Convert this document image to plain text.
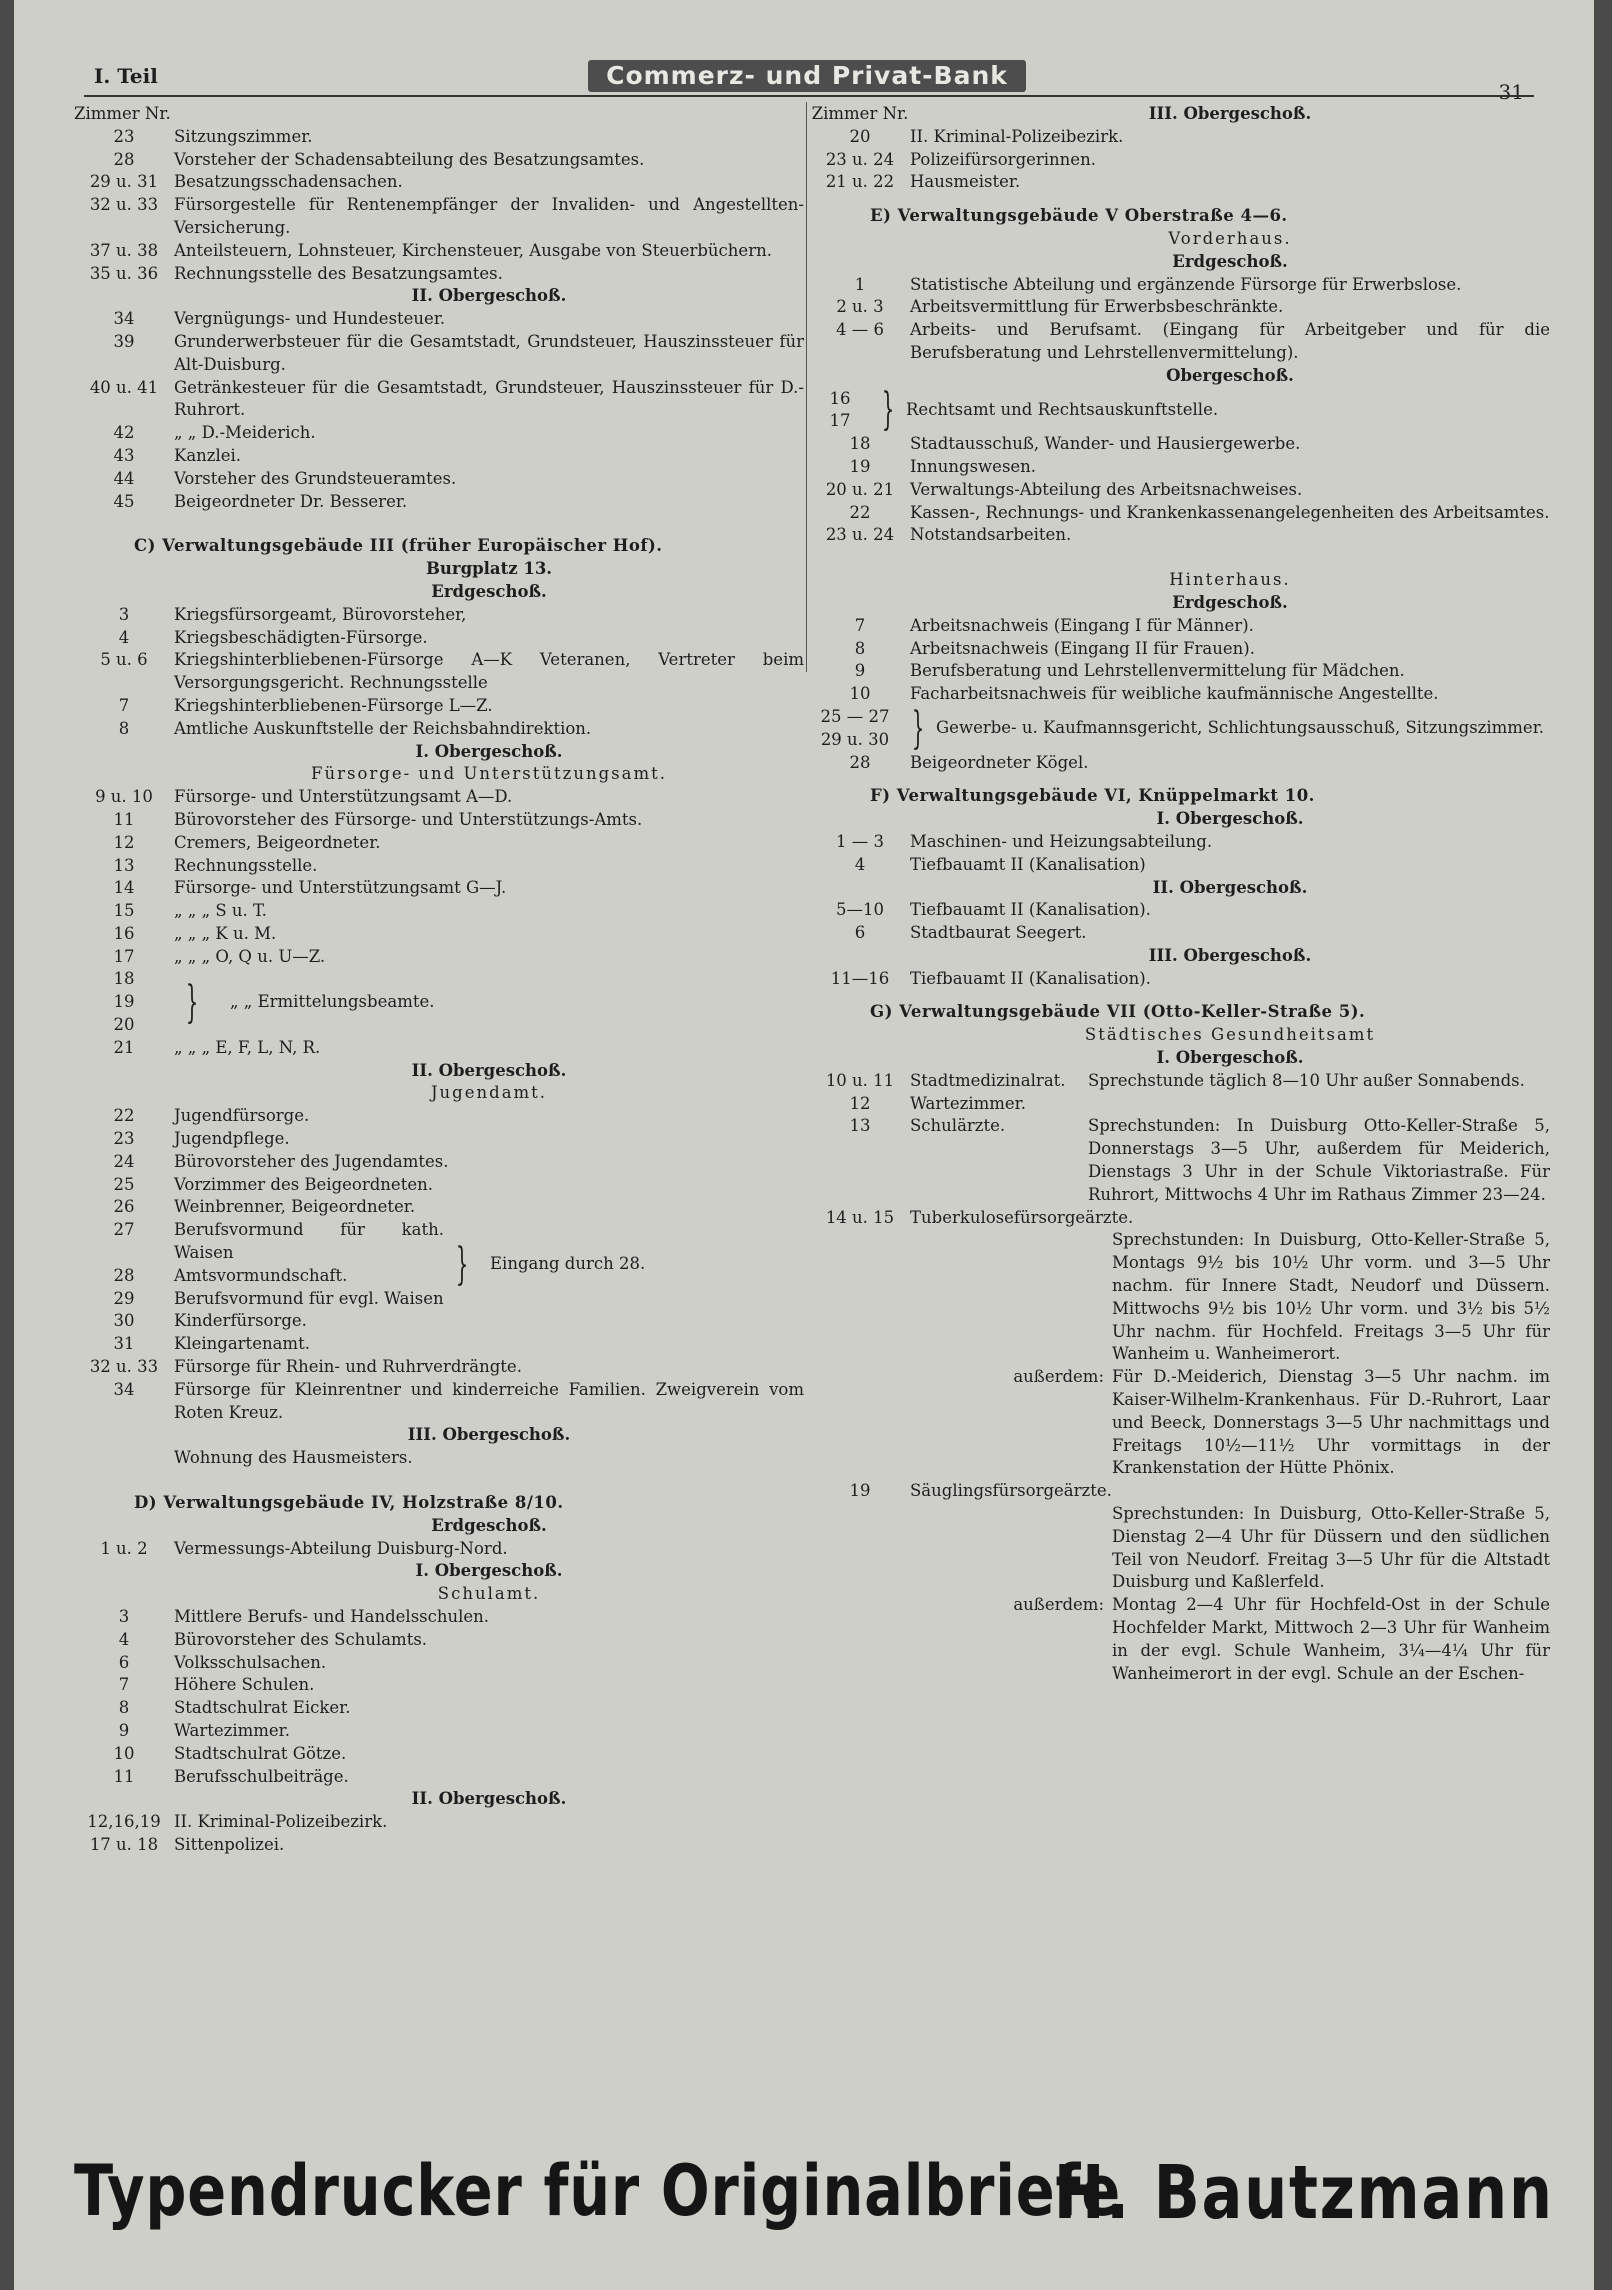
I. Teil	Commerz- und Privat-Bank
31
Zimmer Nr.
23	Sitzungszimmer.
28	Vorsteher der Schadensabteilung des Besatzungsamtes.
29 u. 31 Besatzungsschadensachen.
32 u. 33 Fürsorgestelle für Rentenempfänger der Invaliden- und Angestellten-Versicherung.
37 u. 38 Anteilsteuern, Lohnsteuer, Kirchensteuer, Ausgabe von Steuerbüchern.
35 u. 36 Rechnungsstelle des Besatzungsamtes.
II. Obergeschoß.
34	Vergnügungs- und Hundesteuer.
39	Grunderwerbsteuer für die Gesamtstadt, Grundsteuer, Hauszinssteuer für Alt-Duisburg.
40 u. 41 Getränkesteuer für die Gesamtstadt, Grundsteuer, Hauszinssteuer für D.-Ruhrort.
42	„ „ D.-Meiderich.
43	Kanzlei.
44	Vorsteher des Grundsteueramtes.
45	Beigeordneter Dr. Besserer.
C) Verwaltungsgebäude III (früher Europäischer Hof).
Burgplatz 13.
Erdgeschoß.
3	Kriegsfürsorgeamt, Bürovorsteher,
4	Kriegsbeschädigten-Fürsorge.
5 u. 6	Kriegshinterbliebenen-Fürsorge A—K Veteranen, Vertreter beim Versorgungsgericht. Rechnungsstelle
7	Kriegshinterbliebenen-Fürsorge L—Z.
8	Amtliche Auskunftstelle der Reichsbahndirektion.
I. Obergeschoß.
Fürsorge- und Unterstützungsamt.
9 u. 10	Fürsorge- und Unterstützungsamt A—D.
11	Bürovorsteher des Fürsorge- und Unterstützungs-Amts.
12	Cremers, Beigeordneter.
13	Rechnungsstelle.
14	Fürsorge- und Unterstützungsamt G—J.
15	„ „ „ S u. T.
16	„ „ „ K u. M.
17	„ „ „ O, Q u. U—Z.
18
19
20	}	„ „ Ermittelungsbeamte.
21	„ „ „ E, F, L, N, R.
II. Obergeschoß.
Jugendamt.
22	Jugendfürsorge.
23	Jugendpflege.
24	Bürovorsteher des Jugendamtes.
25	Vorzimmer des Beigeordneten.
26	Weinbrenner, Beigeordneter.
27	Berufsvormund für kath. Waisen
28	Amtsvormundschaft.
29	Berufsvormund für evgl. Waisen
}	Eingang durch 28.
30	Kinderfürsorge.
31	Kleingartenamt.
32 u. 33 Fürsorge für Rhein- und Ruhrverdrängte.
34	Fürsorge für Kleinrentner und kinderreiche Familien. Zweigverein vom Roten Kreuz.
III. Obergeschoß.
Wohnung des Hausmeisters.
D) Verwaltungsgebäude IV, Holzstraße 8/10.
Erdgeschoß.
1 u. 2	Vermessungs-Abteilung Duisburg-Nord.
I. Obergeschoß.
Schulamt.
3	Mittlere Berufs- und Handelsschulen.
4	Bürovorsteher des Schulamts.
6	Volksschulsachen.
7	Höhere Schulen.
8	Stadtschulrat Eicker.
9	Wartezimmer.
10	Stadtschulrat Götze.
11	Berufsschulbeiträge.
II. Obergeschoß.
12,16,19 II. Kriminal-Polizeibezirk.
17 u. 18 Sittenpolizei.
Zimmer Nr.	III. Obergeschoß.
20	II. Kriminal-Polizeibezirk.
23 u. 24 Polizeifürsorgerinnen.
21 u. 22 Hausmeister.
E) Verwaltungsgebäude V Oberstraße 4—6.
Vorderhaus.
Erdgeschoß.
1	Statistische Abteilung und ergänzende Fürsorge für Erwerbslose.
2 u. 3	Arbeitsvermittlung für Erwerbsbeschränkte.
4 — 6	Arbeits- und Berufsamt. (Eingang für Arbeitgeber und für die Berufsberatung und Lehrstellenvermittelung).
Obergeschoß.
16
17 } Rechtsamt und Rechtsauskunftstelle.
18	Stadtausschuß, Wander- und Hausiergewerbe.
19	Innungswesen.
20 u. 21 Verwaltungs-Abteilung des Arbeitsnachweises.
22	Kassen-, Rechnungs- und Krankenkassenangelegenheiten des Arbeitsamtes.
23 u. 24 Notstandsarbeiten.
Hinterhaus.
Erdgeschoß.
7	Arbeitsnachweis (Eingang I für Männer).
8	Arbeitsnachweis (Eingang II für Frauen).
9	Berufsberatung und Lehrstellenvermittelung für Mädchen.
10	Facharbeitsnachweis für weibliche kaufmännische Angestellte.
25 — 27
29 u. 30 } Gewerbe- u. Kaufmannsgericht, Schlichtungsausschuß, Sitzungszimmer.
28	Beigeordneter Kögel.
F) Verwaltungsgebäude VI, Knüppelmarkt 10.
I. Obergeschoß.
1 — 3	Maschinen- und Heizungsabteilung.
4	Tiefbauamt II (Kanalisation)
II. Obergeschoß.
5—10	Tiefbauamt II (Kanalisation).
6	Stadtbaurat Seegert.
III. Obergeschoß.
11—16	Tiefbauamt II (Kanalisation).
G) Verwaltungsgebäude VII (Otto-Keller-Straße 5).
Städtisches Gesundheitsamt
I. Obergeschoß.
10 u. 11 Stadtmedizinalrat.	Sprechstunde täglich 8—10 Uhr außer Sonnabends.
12	Wartezimmer.
13	Schulärzte.	Sprechstunden: In Duisburg Otto-Keller-Straße 5, Donnerstags 3—5 Uhr, außerdem für Meiderich, Dienstags 3 Uhr in der Schule Viktoriastraße. Für Ruhrort, Mittwochs 4 Uhr im Rathaus Zimmer 23—24.
14 u. 15 Tuberkulosefürsorgeärzte.
Sprechstunden: In Duisburg, Otto-Keller-Straße 5, Montags 9½ bis 10½ Uhr vorm. und 3—5 Uhr nachm. für Innere Stadt, Neudorf und Düssern. Mittwochs 9½ bis 10½ Uhr vorm. und 3½ bis 5½ Uhr nachm. für Hochfeld. Freitags 3—5 Uhr für Wanheim u. Wanheimerort.
außerdem: Für D.-Meiderich, Dienstag 3—5 Uhr nachm. im Kaiser-Wilhelm-Krankenhaus. Für D.-Ruhrort, Laar und Beeck, Donnerstags 3—5 Uhr nachmittags und Freitags 10½—11½ Uhr vormittags in der Krankenstation der Hütte Phönix.
19	Säuglingsfürsorgeärzte.
Sprechstunden: In Duisburg, Otto-Keller-Straße 5, Dienstag 2—4 Uhr für Düssern und den südlichen Teil von Neudorf. Freitag 3—5 Uhr für die Altstadt Duisburg und Kaßlerfeld.
außerdem: Montag 2—4 Uhr für Hochfeld-Ost in der Schule Hochfelder Markt, Mittwoch 2—3 Uhr für Wanheim in der evgl. Schule Wanheim, 3¼—4¼ Uhr für Wanheimerort in der evgl. Schule an der Eschen-
Typendrucker für Originalbriefe
H. Bautzmann
